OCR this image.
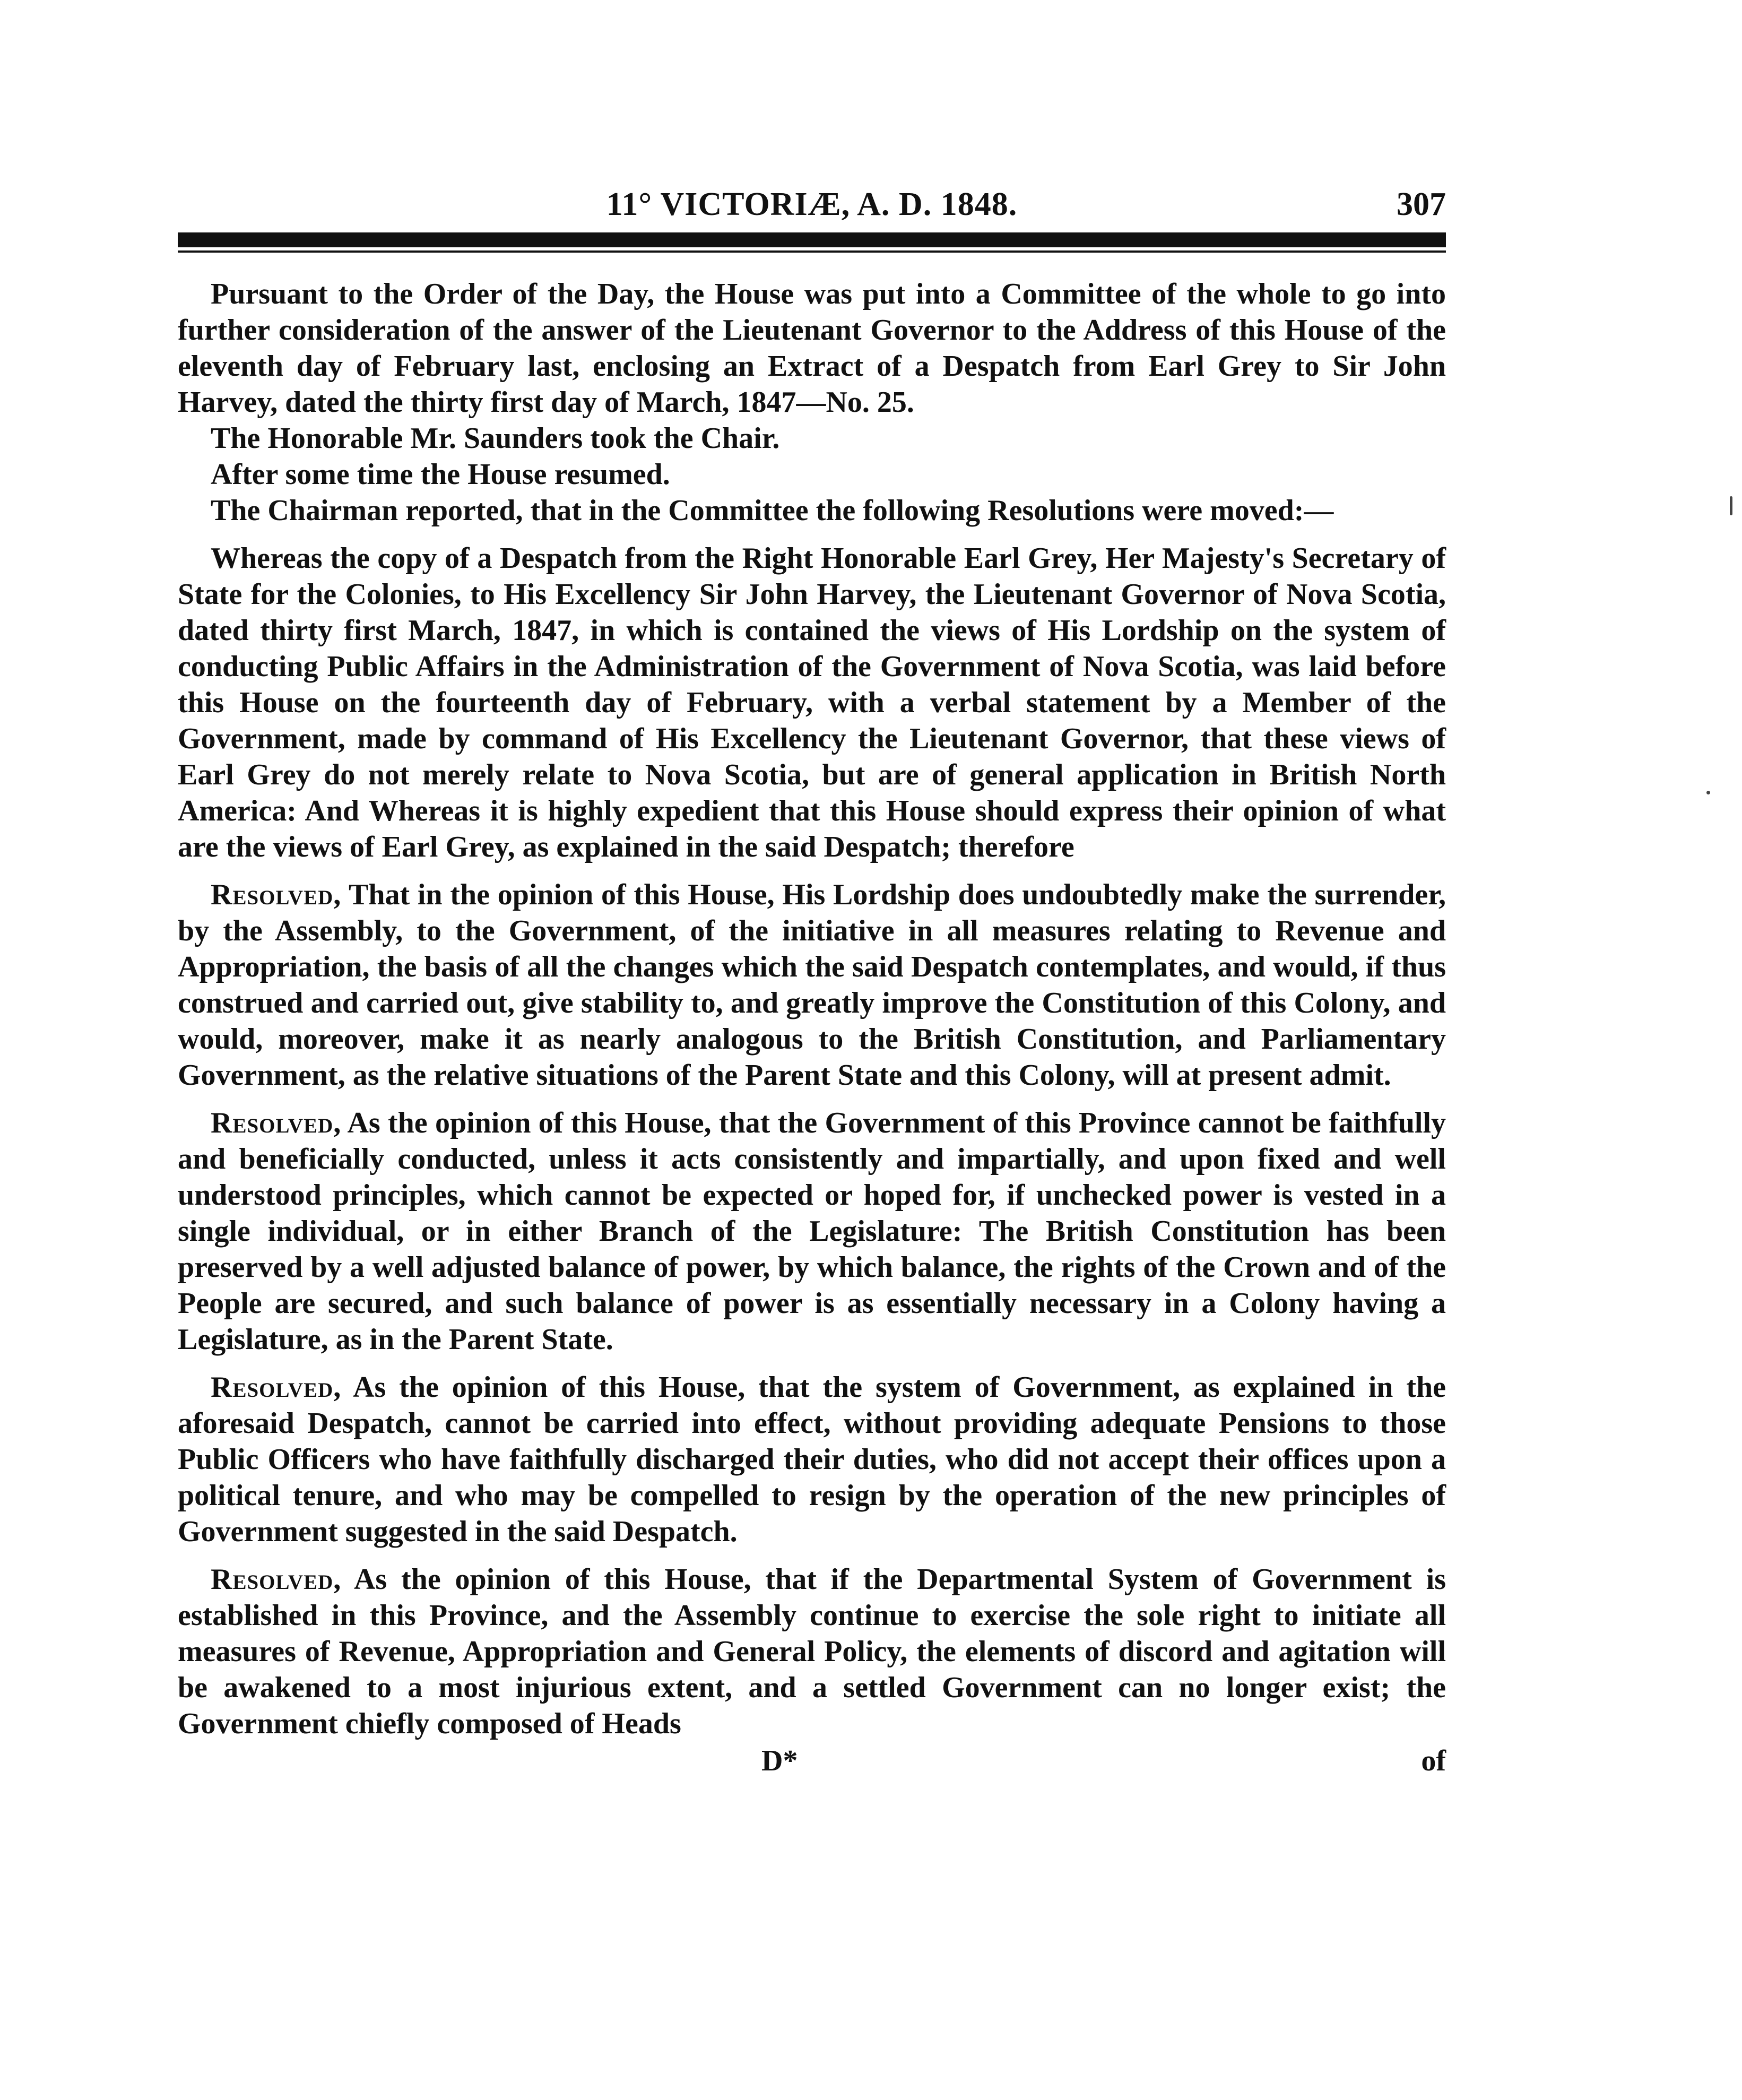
11° VICTORIÆ, A. D. 1848.	307

Pursuant to the Order of the Day, the House was put into a Committee of the whole to go into further consideration of the answer of the Lieutenant Governor to the Address of this House of the eleventh day of February last, enclosing an Extract of a Despatch from Earl Grey to Sir John Harvey, dated the thirty first day of March, 1847—No. 25.

The Honorable Mr. Saunders took the Chair.

After some time the House resumed.

The Chairman reported, that in the Committee the following Resolutions were moved:—

Whereas the copy of a Despatch from the Right Honorable Earl Grey, Her Majesty's Secretary of State for the Colonies, to His Excellency Sir John Harvey, the Lieutenant Governor of Nova Scotia, dated thirty first March, 1847, in which is contained the views of His Lordship on the system of conducting Public Affairs in the Administration of the Government of Nova Scotia, was laid before this House on the fourteenth day of February, with a verbal statement by a Member of the Government, made by command of His Excellency the Lieutenant Governor, that these views of Earl Grey do not merely relate to Nova Scotia, but are of general application in British North America: And Whereas it is highly expedient that this House should express their opinion of what are the views of Earl Grey, as explained in the said Despatch; therefore

Resolved, That in the opinion of this House, His Lordship does undoubtedly make the surrender, by the Assembly, to the Government, of the initiative in all measures relating to Revenue and Appropriation, the basis of all the changes which the said Despatch contemplates, and would, if thus construed and carried out, give stability to, and greatly improve the Constitution of this Colony, and would, moreover, make it as nearly analogous to the British Constitution, and Parliamentary Government, as the relative situations of the Parent State and this Colony, will at present admit.

Resolved, As the opinion of this House, that the Government of this Province cannot be faithfully and beneficially conducted, unless it acts consistently and impartially, and upon fixed and well understood principles, which cannot be expected or hoped for, if unchecked power is vested in a single individual, or in either Branch of the Legislature: The British Constitution has been preserved by a well adjusted balance of power, by which balance, the rights of the Crown and of the People are secured, and such balance of power is as essentially necessary in a Colony having a Legislature, as in the Parent State.

Resolved, As the opinion of this House, that the system of Government, as explained in the aforesaid Despatch, cannot be carried into effect, without providing adequate Pensions to those Public Officers who have faithfully discharged their duties, who did not accept their offices upon a political tenure, and who may be compelled to resign by the operation of the new principles of Government suggested in the said Despatch.

Resolved, As the opinion of this House, that if the Departmental System of Government is established in this Province, and the Assembly continue to exercise the sole right to initiate all measures of Revenue, Appropriation and General Policy, the elements of discord and agitation will be awakened to a most injurious extent, and a settled Government can no longer exist; the Government chiefly composed of Heads

D*	of
